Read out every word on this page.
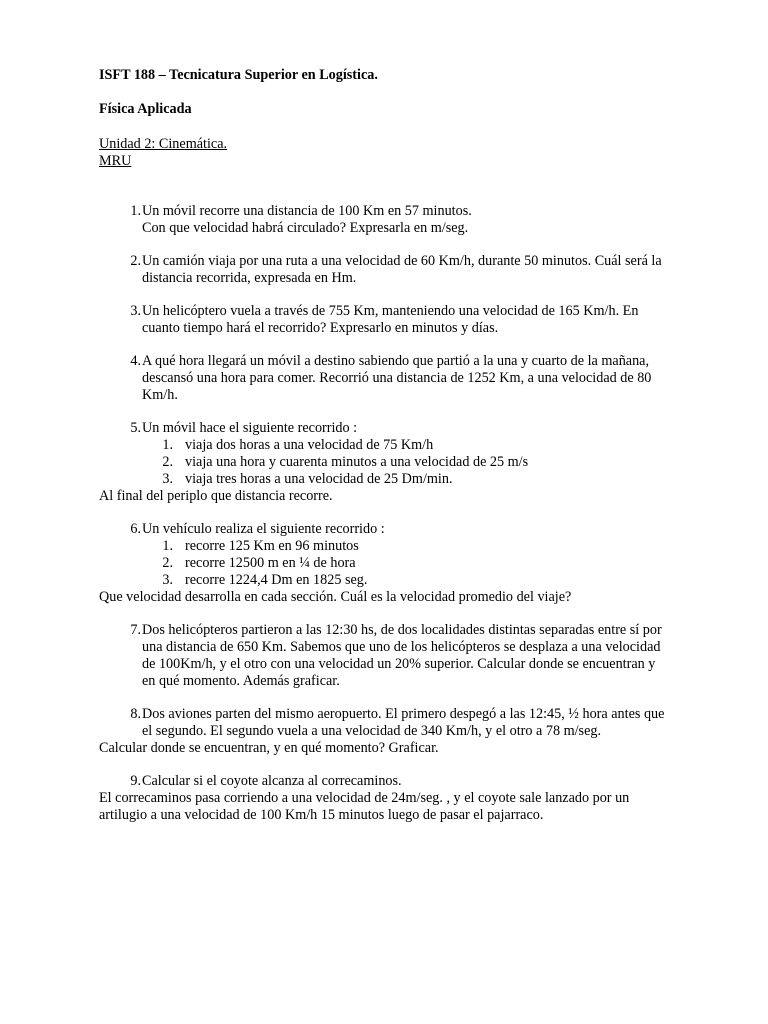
ISFT 188 – Tecnicatura Superior en Logística.
Física Aplicada
Unidad 2: Cinemática.
MRU
1. Un móvil recorre una distancia de 100 Km en 57 minutos.
Con que velocidad habrá circulado? Expresarla en m/seg.
2. Un camión viaja por una ruta a una velocidad de 60 Km/h, durante 50 minutos. Cuál será la
distancia recorrida, expresada en Hm.
3. Un helicóptero vuela a través de 755 Km, manteniendo una velocidad de 165 Km/h. En
cuanto tiempo hará el recorrido? Expresarlo en minutos y días.
4. A qué hora llegará un móvil a destino sabiendo que partió a la una y cuarto de la mañana,
descansó una hora para comer. Recorrió una distancia de 1252 Km, a una velocidad de 80
Km/h.
5. Un móvil hace el siguiente recorrido :
1. viaja dos horas a una velocidad de 75 Km/h
2. viaja una hora y cuarenta minutos a una velocidad de 25 m/s
3. viaja tres horas a una velocidad de 25 Dm/min.
Al final del periplo que distancia recorre.
6. Un vehículo realiza el siguiente recorrido :
1. recorre 125 Km en 96 minutos
2. recorre 12500 m en ¼ de hora
3. recorre 1224,4 Dm en 1825 seg.
Que velocidad desarrolla en cada sección. Cuál es la velocidad promedio del viaje?
7. Dos helicópteros partieron a las 12:30 hs, de dos localidades distintas separadas entre sí por
una distancia de 650 Km. Sabemos que uno de los helicópteros se desplaza a una velocidad
de 100Km/h, y el otro con una velocidad un 20% superior. Calcular donde se encuentran y
en qué momento. Además graficar.
8. Dos aviones parten del mismo aeropuerto. El primero despegó a las 12:45, ½ hora antes que
el segundo. El segundo vuela a una velocidad de 340 Km/h, y el otro a 78 m/seg.
Calcular donde se encuentran, y en qué momento? Graficar.
9. Calcular si el coyote alcanza al correcaminos.
El correcaminos pasa corriendo a una velocidad de 24m/seg. , y el coyote sale lanzado por un
artilugio a una velocidad de 100 Km/h 15 minutos luego de pasar el pajarraco.
